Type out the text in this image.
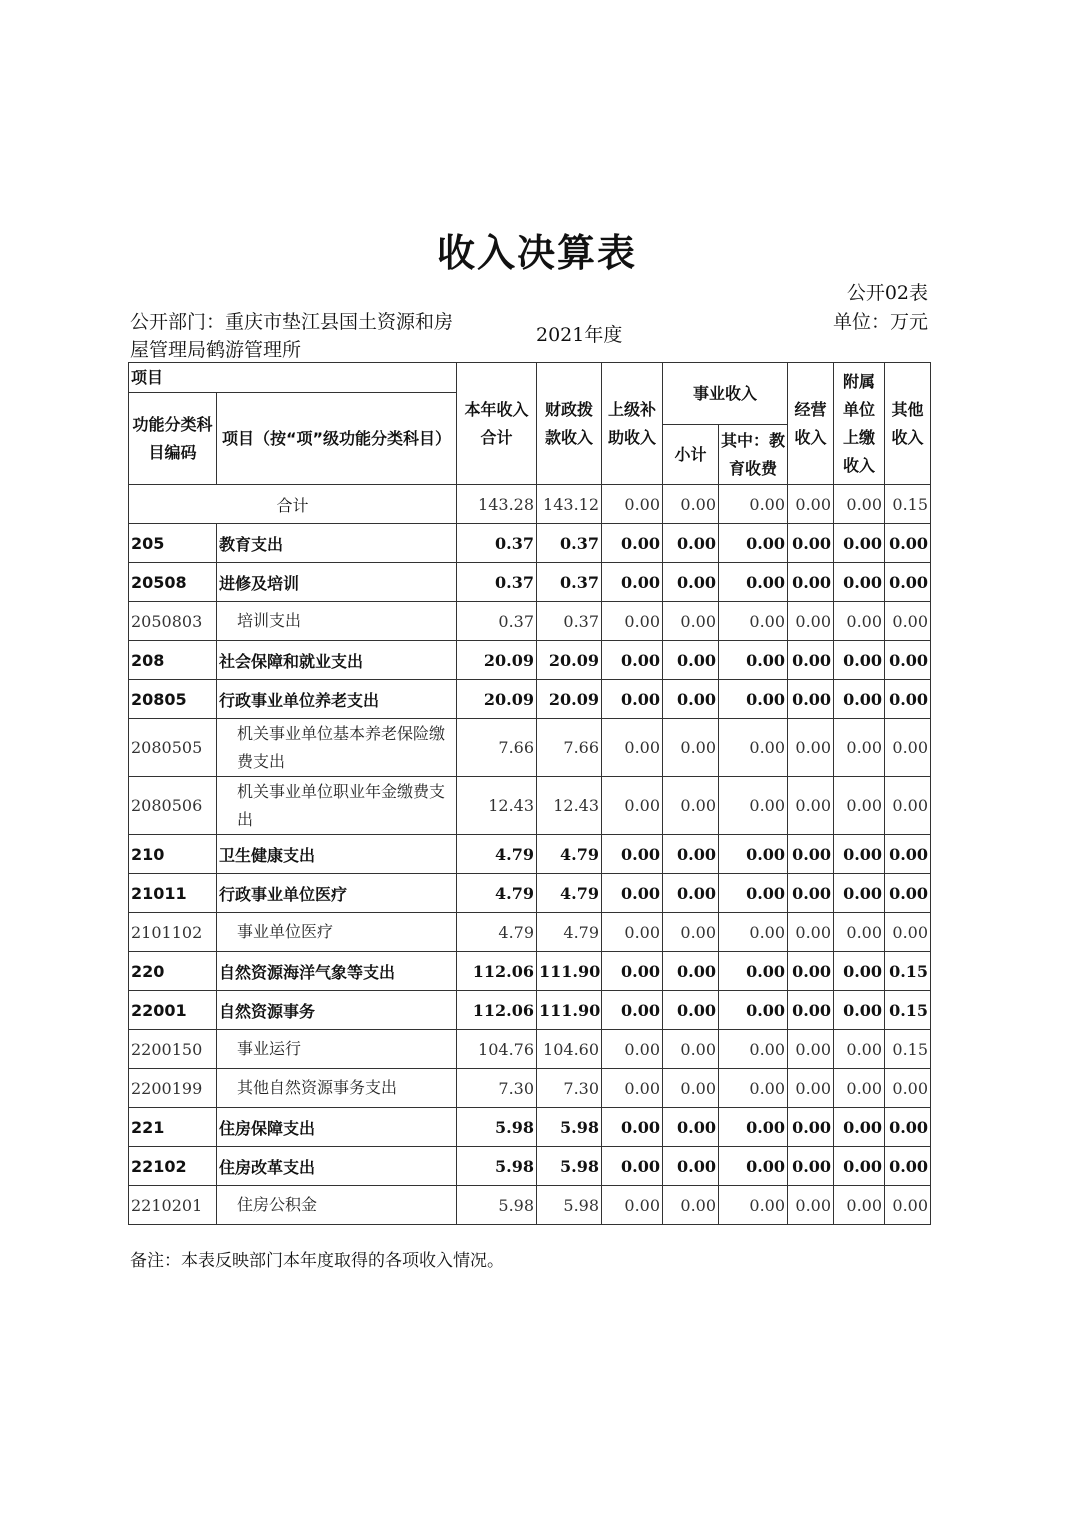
收入决算表
公开02表
单位：万元
公开部门：重庆市垫江县国土资源和房屋管理局鹤游管理所
2021年度
项目		本年收入合计	财政拨款收入	上级补助收入	事业收入		经营收入	附属单位上缴收入	其他收入
功能分类科目编码	项目（按“项”级功能分类科目）								
					小计	其中：教育收费			
合计		143.28	143.12	0.00	0.00	0.00	0.00	0.00	0.15
205	教育支出	0.37	0.37	0.00	0.00	0.00	0.00	0.00	0.00
20508	进修及培训	0.37	0.37	0.00	0.00	0.00	0.00	0.00	0.00
2050803	培训支出	0.37	0.37	0.00	0.00	0.00	0.00	0.00	0.00
208	社会保障和就业支出	20.09	20.09	0.00	0.00	0.00	0.00	0.00	0.00
20805	行政事业单位养老支出	20.09	20.09	0.00	0.00	0.00	0.00	0.00	0.00
2080505	机关事业单位基本养老保险缴费支出	7.66	7.66	0.00	0.00	0.00	0.00	0.00	0.00
2080506	机关事业单位职业年金缴费支出	12.43	12.43	0.00	0.00	0.00	0.00	0.00	0.00
210	卫生健康支出	4.79	4.79	0.00	0.00	0.00	0.00	0.00	0.00
21011	行政事业单位医疗	4.79	4.79	0.00	0.00	0.00	0.00	0.00	0.00
2101102	事业单位医疗	4.79	4.79	0.00	0.00	0.00	0.00	0.00	0.00
220	自然资源海洋气象等支出	112.06	111.90	0.00	0.00	0.00	0.00	0.00	0.15
22001	自然资源事务	112.06	111.90	0.00	0.00	0.00	0.00	0.00	0.15
2200150	事业运行	104.76	104.60	0.00	0.00	0.00	0.00	0.00	0.15
2200199	其他自然资源事务支出	7.30	7.30	0.00	0.00	0.00	0.00	0.00	0.00
221	住房保障支出	5.98	5.98	0.00	0.00	0.00	0.00	0.00	0.00
22102	住房改革支出	5.98	5.98	0.00	0.00	0.00	0.00	0.00	0.00
2210201	住房公积金	5.98	5.98	0.00	0.00	0.00	0.00	0.00	0.00
备注：本表反映部门本年度取得的各项收入情况。
